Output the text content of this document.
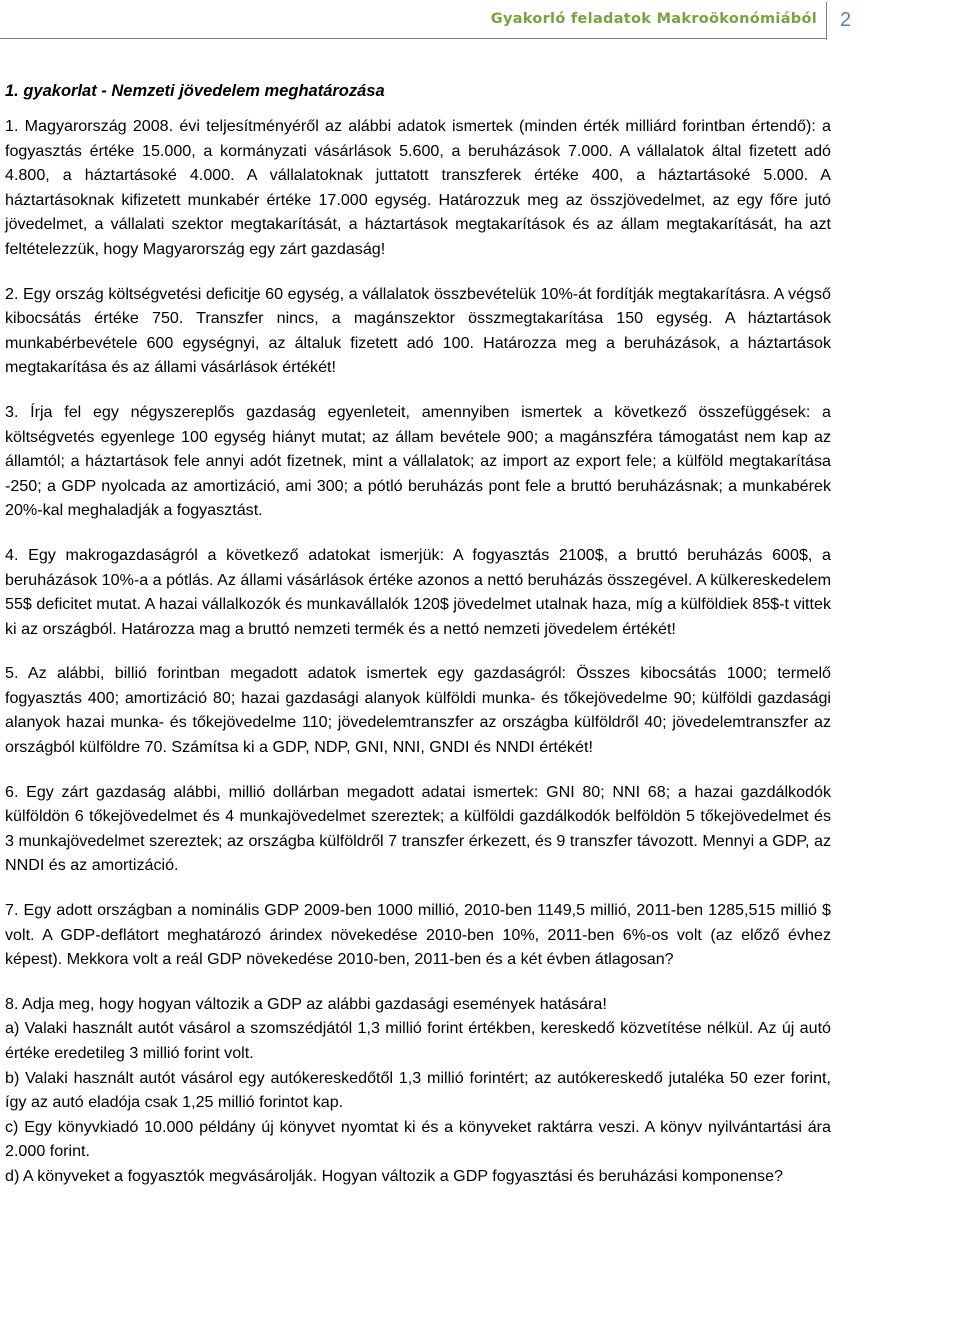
Gyakorló feladatok Makroökonómiából	2
1. gyakorlat - Nemzeti jövedelem meghatározása

1. Magyarország 2008. évi teljesítményéről az alábbi adatok ismertek (minden érték milliárd forintban értendő): a fogyasztás értéke 15.000, a kormányzati vásárlások 5.600, a beruházások 7.000. A vállalatok által fizetett adó 4.800, a háztartásoké 4.000. A vállalatoknak juttatott transzferek értéke 400, a háztartásoké 5.000. A háztartásoknak kifizetett munkabér értéke 17.000 egység. Határozzuk meg az összjövedelmet, az egy főre jutó jövedelmet, a vállalati szektor megtakarítását, a háztartások megtakarítások és az állam megtakarítását, ha azt feltételezzük, hogy Magyarország egy zárt gazdaság!

2. Egy ország költségvetési deficitje 60 egység, a vállalatok összbevételük 10%-át fordítják megtakarításra. A végső kibocsátás értéke 750. Transzfer nincs, a magánszektor összmegtakarítása 150 egység. A háztartások munkabérbevétele 600 egységnyi, az általuk fizetett adó 100. Határozza meg a beruházások, a háztartások megtakarítása és az állami vásárlások értékét!

3. Írja fel egy négyszereplős gazdaság egyenleteit, amennyiben ismertek a következő összefüggések: a költségvetés egyenlege 100 egység hiányt mutat; az állam bevétele 900; a magánszféra támogatást nem kap az államtól; a háztartások fele annyi adót fizetnek, mint a vállalatok; az import az export fele; a külföld megtakarítása -250; a GDP nyolcada az amortizáció, ami 300; a pótló beruházás pont fele a bruttó beruházásnak; a munkabérek 20%-kal meghaladják a fogyasztást.

4. Egy makrogazdaságról a következő adatokat ismerjük: A fogyasztás 2100$, a bruttó beruházás 600$, a beruházások 10%-a a pótlás. Az állami vásárlások értéke azonos a nettó beruházás összegével. A külkereskedelem 55$ deficitet mutat. A hazai vállalkozók és munkavállalók 120$ jövedelmet utalnak haza, míg a külföldiek 85$-t vittek ki az országból. Határozza mag a bruttó nemzeti termék és a nettó nemzeti jövedelem értékét!

5. Az alábbi, billió forintban megadott adatok ismertek egy gazdaságról: Összes kibocsátás 1000; termelő fogyasztás 400; amortizáció 80; hazai gazdasági alanyok külföldi munka- és tőkejövedelme 90; külföldi gazdasági alanyok hazai munka- és tőkejövedelme 110; jövedelemtranszfer az országba külföldről 40; jövedelemtranszfer az országból külföldre 70. Számítsa ki a GDP, NDP, GNI, NNI, GNDI és NNDI értékét!

6. Egy zárt gazdaság alábbi, millió dollárban megadott adatai ismertek: GNI 80; NNI 68; a hazai gazdálkodók külföldön 6 tőkejövedelmet és 4 munkajövedelmet szereztek; a külföldi gazdálkodók belföldön 5 tőkejövedelmet és 3 munkajövedelmet szereztek; az országba külföldről 7 transzfer érkezett, és 9 transzfer távozott. Mennyi a GDP, az NNDI és az amortizáció.

7. Egy adott országban a nominális GDP 2009-ben 1000 millió, 2010-ben 1149,5 millió, 2011-ben 1285,515 millió $ volt. A GDP-deflátort meghatározó árindex növekedése 2010-ben 10%, 2011-ben 6%-os volt (az előző évhez képest). Mekkora volt a reál GDP növekedése 2010-ben, 2011-ben és a két évben átlagosan?

8. Adja meg, hogy hogyan változik a GDP az alábbi gazdasági események hatására!

a) Valaki használt autót vásárol a szomszédjától 1,3 millió forint értékben, kereskedő közvetítése nélkül. Az új autó értéke eredetileg 3 millió forint volt.

b) Valaki használt autót vásárol egy autókereskedőtől 1,3 millió forintért; az autókereskedő jutaléka 50 ezer forint, így az autó eladója csak 1,25 millió forintot kap.

c) Egy könyvkiadó 10.000 példány új könyvet nyomtat ki és a könyveket raktárra veszi. A könyv nyilvántartási ára 2.000 forint.

d) A könyveket a fogyasztók megvásárolják. Hogyan változik a GDP fogyasztási és beruházási komponense?
